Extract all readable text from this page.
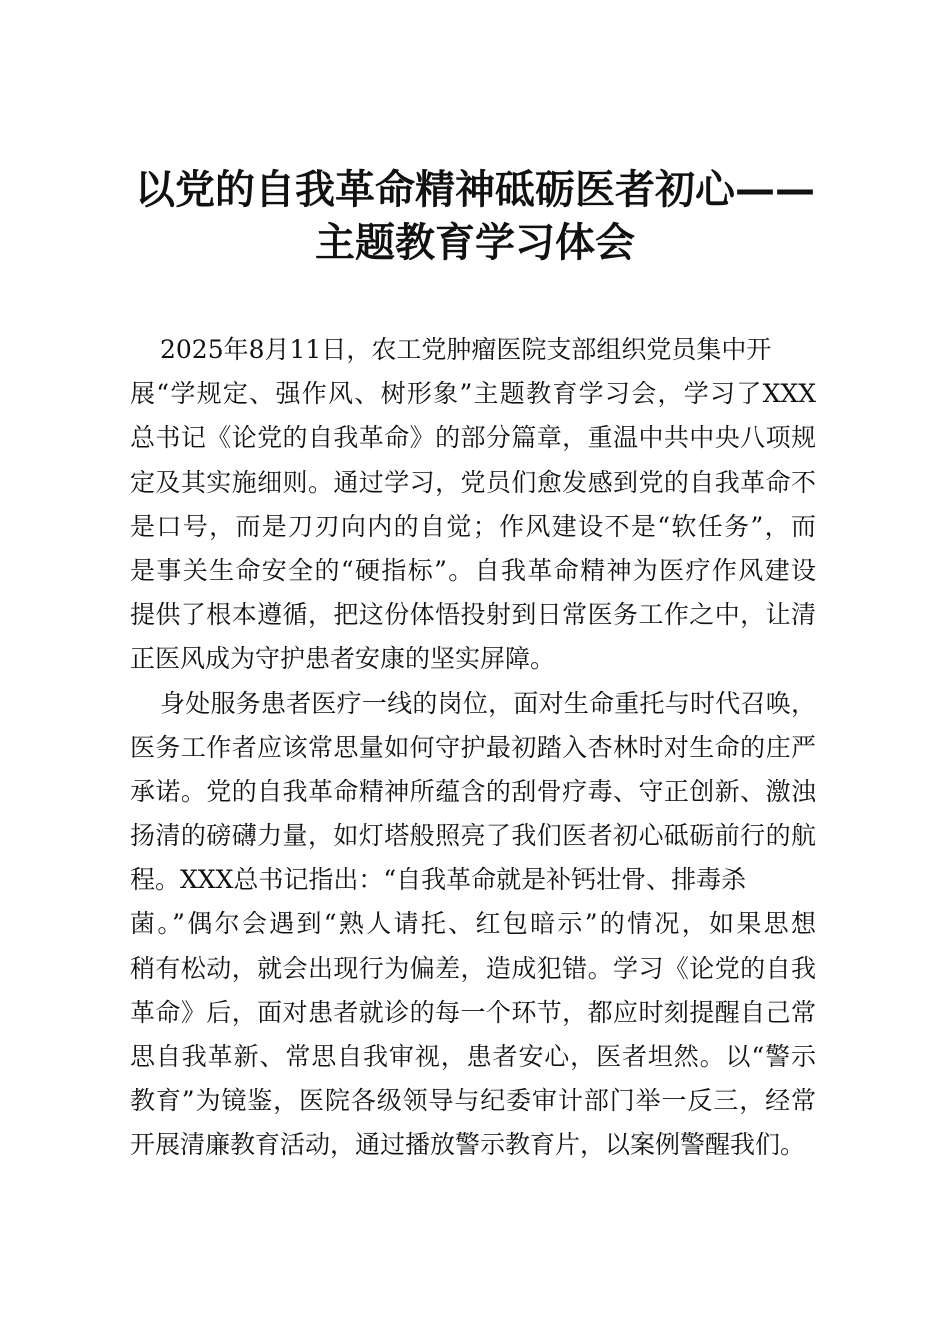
以党的自我革命精神砥砺医者初心——
主题教育学习体会
2025年8月11日，农工党肿瘤医院支部组织党员集中开
展“学规定、强作风、树形象”主题教育学习会，学习了XXX
总书记《论党的自我革命》的部分篇章，重温中共中央八项规
定及其实施细则。通过学习，党员们愈发感到党的自我革命不
是口号，而是刀刃向内的自觉；作风建设不是“软任务”，而
是事关生命安全的“硬指标”。自我革命精神为医疗作风建设
提供了根本遵循，把这份体悟投射到日常医务工作之中，让清
正医风成为守护患者安康的坚实屏障。
身处服务患者医疗一线的岗位，面对生命重托与时代召唤，
医务工作者应该常思量如何守护最初踏入杏林时对生命的庄严
承诺。党的自我革命精神所蕴含的刮骨疗毒、守正创新、激浊
扬清的磅礴力量，如灯塔般照亮了我们医者初心砥砺前行的航
程。XXX总书记指出：“自我革命就是补钙壮骨、排毒杀
菌。”偶尔会遇到“熟人请托、红包暗示”的情况，如果思想
稍有松动，就会出现行为偏差，造成犯错。学习《论党的自我
革命》后，面对患者就诊的每一个环节，都应时刻提醒自己常
思自我革新、常思自我审视，患者安心，医者坦然。以“警示
教育”为镜鉴，医院各级领导与纪委审计部门举一反三，经常
开展清廉教育活动，通过播放警示教育片，以案例警醒我们。
